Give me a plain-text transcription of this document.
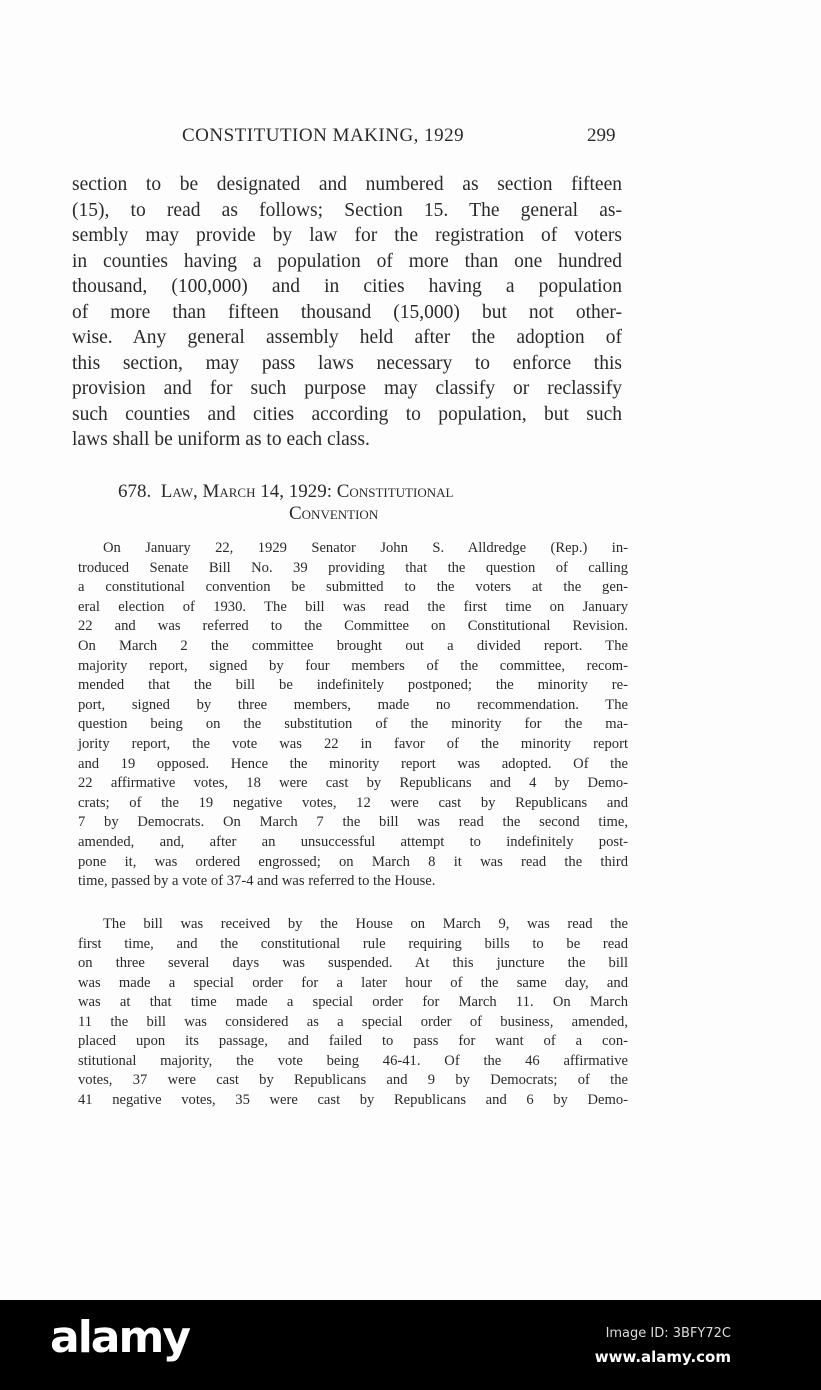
CONSTITUTION MAKING, 1929	299
section to be designated and numbered as section fifteen
(15), to read as follows; Section 15. The general as-
sembly may provide by law for the registration of voters
in counties having a population of more than one hundred
thousand, (100,000) and in cities having a population
of more than fifteen thousand (15,000) but not other-
wise. Any general assembly held after the adoption of
this section, may pass laws necessary to enforce this
provision and for such purpose may classify or reclassify
such counties and cities according to population, but such
laws shall be uniform as to each class.
678. Law, March 14, 1929: Constitutional
Convention
On January 22, 1929 Senator John S. Alldredge (Rep.) in-
troduced Senate Bill No. 39 providing that the question of calling
a constitutional convention be submitted to the voters at the gen-
eral election of 1930. The bill was read the first time on January
22 and was referred to the Committee on Constitutional Revision.
On March 2 the committee brought out a divided report. The
majority report, signed by four members of the committee, recom-
mended that the bill be indefinitely postponed; the minority re-
port, signed by three members, made no recommendation. The
question being on the substitution of the minority for the ma-
jority report, the vote was 22 in favor of the minority report
and 19 opposed. Hence the minority report was adopted. Of the
22 affirmative votes, 18 were cast by Republicans and 4 by Demo-
crats; of the 19 negative votes, 12 were cast by Republicans and
7 by Democrats. On March 7 the bill was read the second time,
amended, and, after an unsuccessful attempt to indefinitely post-
pone it, was ordered engrossed; on March 8 it was read the third
time, passed by a vote of 37-4 and was referred to the House.
The bill was received by the House on March 9, was read the
first time, and the constitutional rule requiring bills to be read
on three several days was suspended. At this juncture the bill
was made a special order for a later hour of the same day, and
was at that time made a special order for March 11. On March
11 the bill was considered as a special order of business, amended,
placed upon its passage, and failed to pass for want of a con-
stitutional majority, the vote being 46-41. Of the 46 affirmative
votes, 37 were cast by Republicans and 9 by Democrats; of the
41 negative votes, 35 were cast by Republicans and 6 by Demo-
alamy	Image ID: 3BFY72C
www.alamy.com
